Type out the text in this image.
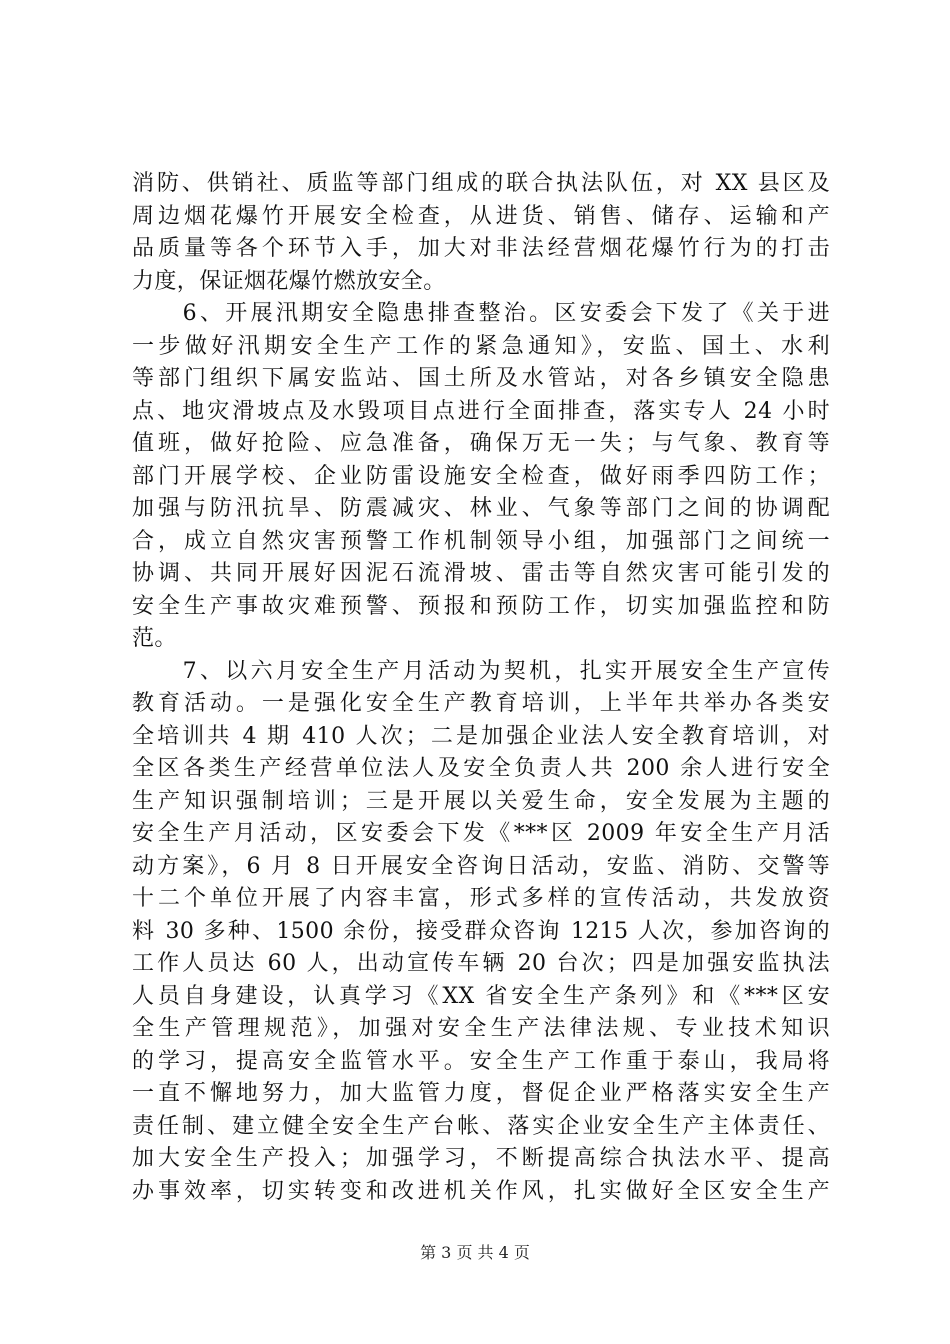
消防、供销社、质监等部门组成的联合执法队伍，对 XX 县区及
周边烟花爆竹开展安全检查，从进货、销售、储存、运输和产
品质量等各个环节入手，加大对非法经营烟花爆竹行为的打击
力度，保证烟花爆竹燃放安全。
　　6、开展汛期安全隐患排查整治。区安委会下发了《关于进
一步做好汛期安全生产工作的紧急通知》，安监、国土、水利
等部门组织下属安监站、国土所及水管站，对各乡镇安全隐患
点、地灾滑坡点及水毁项目点进行全面排查，落实专人 24 小时
值班，做好抢险、应急准备，确保万无一失；与气象、教育等
部门开展学校、企业防雷设施安全检查，做好雨季四防工作；
加强与防汛抗旱、防震减灾、林业、气象等部门之间的协调配
合，成立自然灾害预警工作机制领导小组，加强部门之间统一
协调、共同开展好因泥石流滑坡、雷击等自然灾害可能引发的
安全生产事故灾难预警、预报和预防工作，切实加强监控和防
范。
　　7、以六月安全生产月活动为契机，扎实开展安全生产宣传
教育活动。一是强化安全生产教育培训，上半年共举办各类安
全培训共 4 期 410 人次；二是加强企业法人安全教育培训，对
全区各类生产经营单位法人及安全负责人共 200 余人进行安全
生产知识强制培训；三是开展以关爱生命，安全发展为主题的
安全生产月活动，区安委会下发《***区 2009 年安全生产月活
动方案》，6 月 8 日开展安全咨询日活动，安监、消防、交警等
十二个单位开展了内容丰富，形式多样的宣传活动，共发放资
料 30 多种、1500 余份，接受群众咨询 1215 人次，参加咨询的
工作人员达 60 人，出动宣传车辆 20 台次；四是加强安监执法
人员自身建设，认真学习《XX 省安全生产条列》和《***区安
全生产管理规范》，加强对安全生产法律法规、专业技术知识
的学习，提高安全监管水平。安全生产工作重于泰山，我局将
一直不懈地努力，加大监管力度，督促企业严格落实安全生产
责任制、建立健全安全生产台帐、落实企业安全生产主体责任、
加大安全生产投入；加强学习，不断提高综合执法水平、提高
办事效率，切实转变和改进机关作风，扎实做好全区安全生产
第 3 页 共 4 页
